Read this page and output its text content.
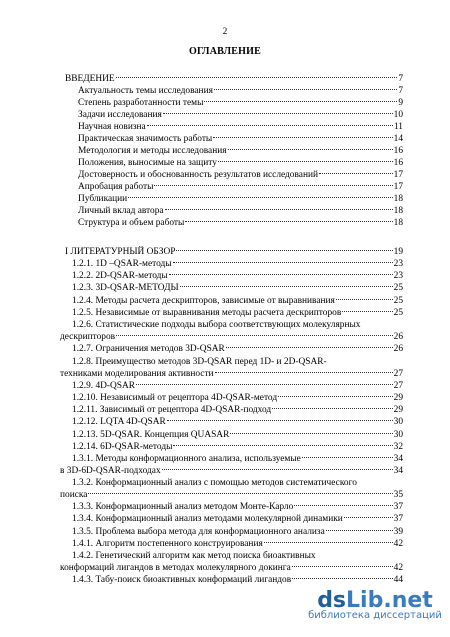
2
ОГЛАВЛЕНИЕ
ВВЕДЕНИЕ	7
Актуальность темы исследования	7
Степень разработанности темы	9
Задачи исследования	10
Научная новизна	11
Практическая значимость работы	14
Методология и методы исследования	16
Положения, выносимые на защиту	16
Достоверность и обоснованность результатов исследований	17
Апробация работы	17
Публикации	18
Личный вклад автора	18
Структура и объем работы	18
I ЛИТЕРАТУРНЫЙ ОБЗОР	19
1.2.1. 1D –QSAR-методы	23
1.2.2. 2D-QSAR-методы	23
1.2.3. 3D-QSAR-МЕТОДЫ	25
1.2.4. Методы расчета дескрипторов, зависимые от выравнивания	25
1.2.5. Независимые от выравнивания методы расчета дескрипторов	25
1.2.6. Статистические подходы выбора соответствующих молекулярных
дескрипторов	26
1.2.7. Ограничения методов 3D-QSAR	26
1.2.8. Преимущество методов 3D-QSAR перед 1D- и 2D-QSAR-
техниками моделирования активности	27
1.2.9. 4D-QSAR	27
1.2.10. Независимый от рецептора 4D-QSAR-метод	29
1.2.11. Зависимый от рецептора 4D-QSAR-подход	29
1.2.12. LQTA 4D-QSAR	30
1.2.13. 5D-QSAR. Концепция QUASAR	30
1.2.14. 6D-QSAR-методы	32
1.3.1. Методы конформационного анализа, используемые	34
в 3D-6D-QSAR-подходах	34
1.3.2. Конформационный анализ с помощью методов систематического
поиска	35
1.3.3. Конформационный анализ методом Монте-Карло	37
1.3.4. Конформационный анализ методами молекулярной динамики	37
1.3.5. Проблема выбора метода для конформационного анализа	39
1.4.1. Алгоритм постепенного конструирования	42
1.4.2. Генетический алгоритм как метод поиска биоактивных
конформаций лигандов в методах молекулярного докинга	42
1.4.3. Табу-поиск биоактивных конформаций лигандов	44
ds Lib.net
библиотека диссертаций
